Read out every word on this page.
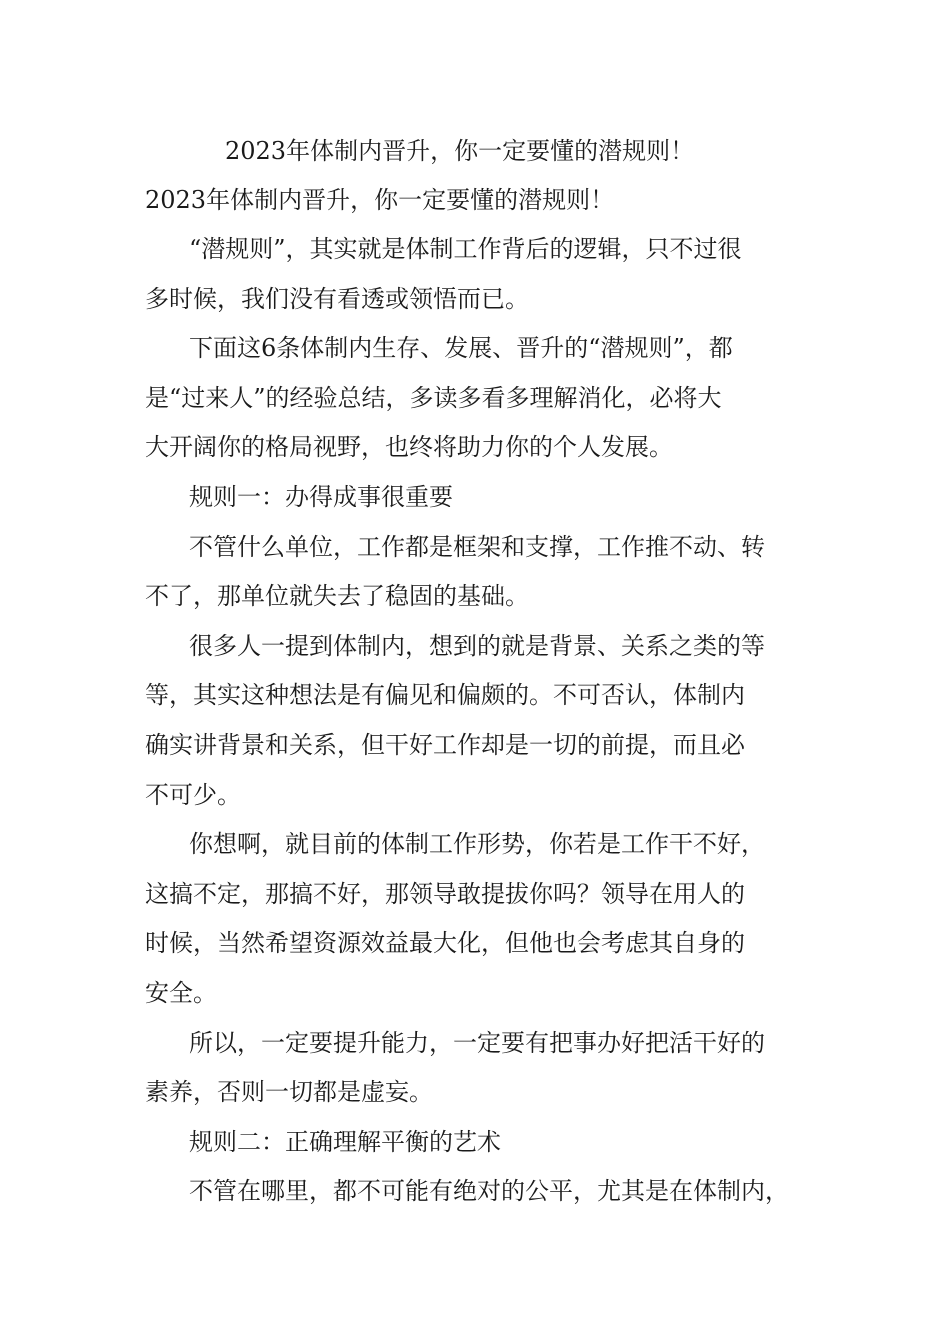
2023年体制内晋升，你一定要懂的潜规则！
2023年体制内晋升，你一定要懂的潜规则！

“潜规则”，其实就是体制工作背后的逻辑，只不过很

多时候，我们没有看透或领悟而已。

下面这6条体制内生存、发展、晋升的“潜规则”，都

是“过来人”的经验总结，多读多看多理解消化，必将大

大开阔你的格局视野，也终将助力你的个人发展。

规则一：办得成事很重要

不管什么单位，工作都是框架和支撑，工作推不动、转

不了，那单位就失去了稳固的基础。

很多人一提到体制内，想到的就是背景、关系之类的等

等，其实这种想法是有偏见和偏颇的。不可否认，体制内

确实讲背景和关系，但干好工作却是一切的前提，而且必

不可少。

你想啊，就目前的体制工作形势，你若是工作干不好，

这搞不定，那搞不好，那领导敢提拔你吗？领导在用人的

时候，当然希望资源效益最大化，但他也会考虑其自身的

安全。

所以，一定要提升能力，一定要有把事办好把活干好的

素养，否则一切都是虚妄。

规则二：正确理解平衡的艺术

不管在哪里，都不可能有绝对的公平，尤其是在体制内，
